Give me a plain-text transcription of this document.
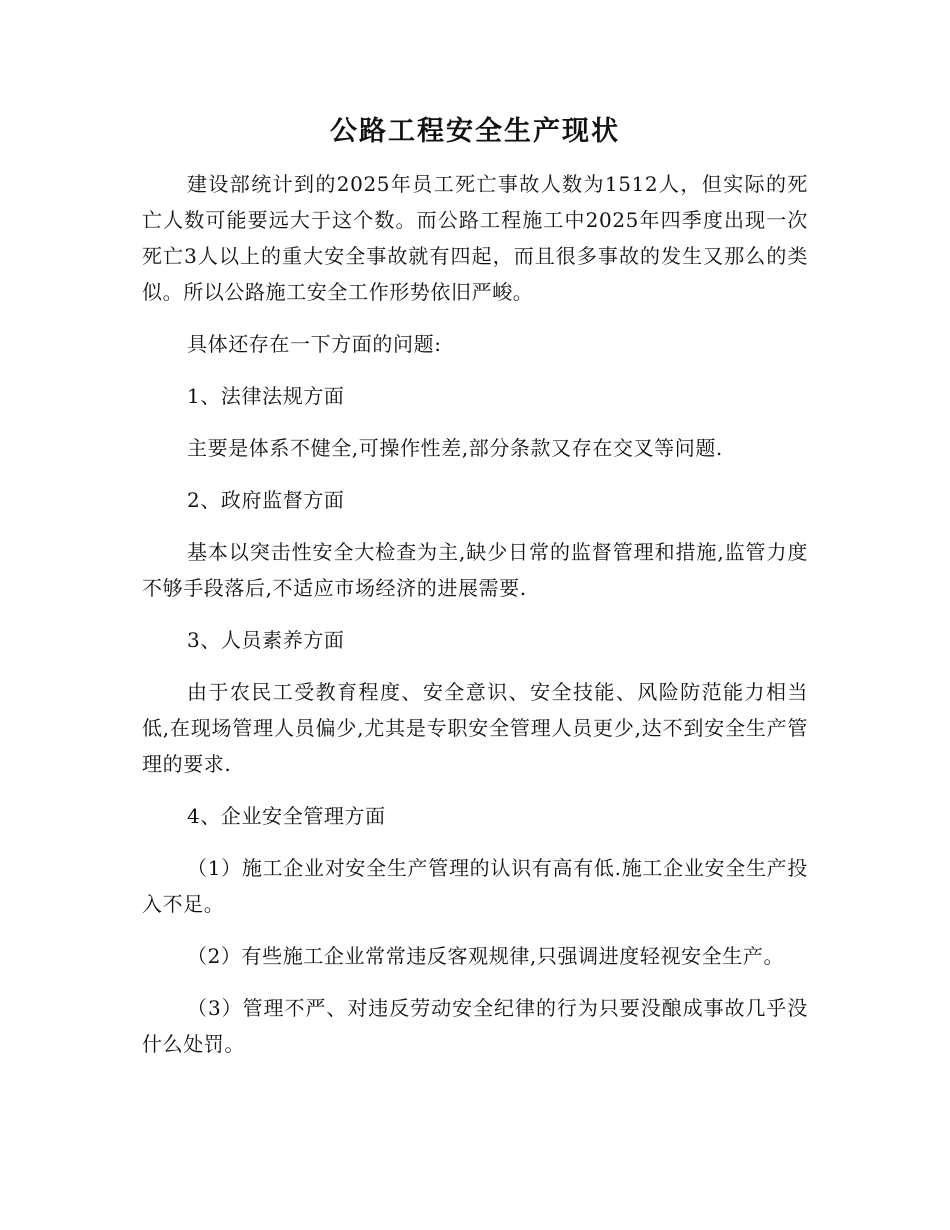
公路工程安全生产现状

建设部统计到的2025年员工死亡事故人数为1512人，但实际的死亡人数可能要远大于这个数。而公路工程施工中2025年四季度出现一次死亡3人以上的重大安全事故就有四起，而且很多事故的发生又那么的类似。所以公路施工安全工作形势依旧严峻。

具体还存在一下方面的问题:

1、法律法规方面

主要是体系不健全,可操作性差,部分条款又存在交叉等问题.

2、政府监督方面

基本以突击性安全大检查为主,缺少日常的监督管理和措施,监管力度不够手段落后,不适应市场经济的进展需要.

3、人员素养方面

由于农民工受教育程度、安全意识、安全技能、风险防范能力相当低,在现场管理人员偏少,尤其是专职安全管理人员更少,达不到安全生产管理的要求.

4、企业安全管理方面

（1）施工企业对安全生产管理的认识有高有低.施工企业安全生产投入不足。

（2）有些施工企业常常违反客观规律,只强调进度轻视安全生产。

（3）管理不严、对违反劳动安全纪律的行为只要没酿成事故几乎没什么处罚。
